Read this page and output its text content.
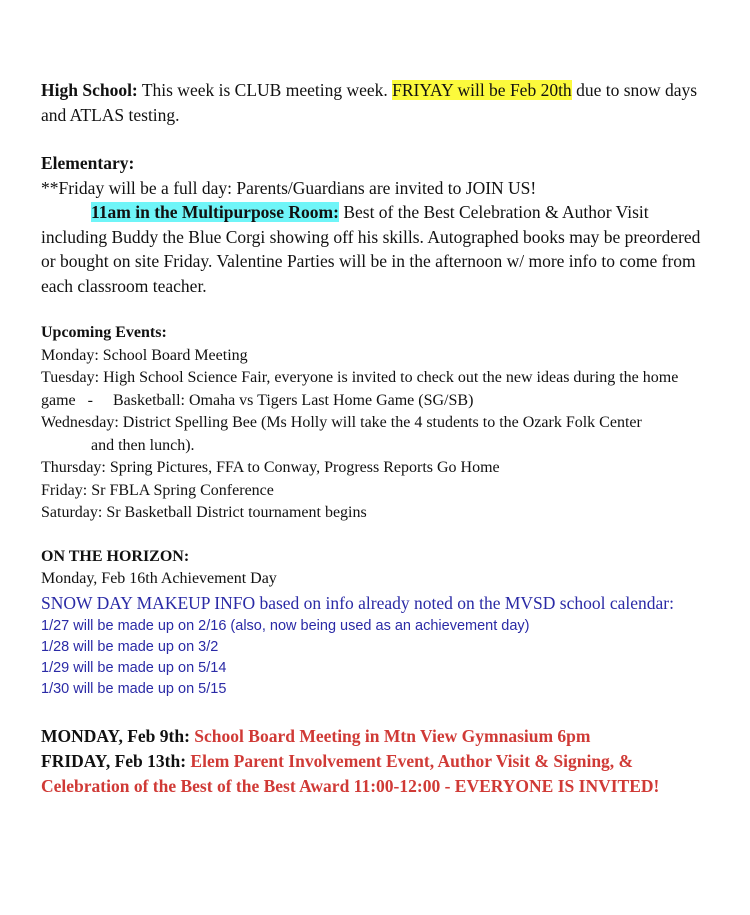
High School: This week is CLUB meeting week. FRIYAY will be Feb 20th due to snow days and ATLAS testing.

Elementary:

**Friday will be a full day: Parents/Guardians are invited to JOIN US!

11am in the Multipurpose Room: Best of the Best Celebration & Author Visit including Buddy the Blue Corgi showing off his skills. Autographed books may be preordered or bought on site Friday. Valentine Parties will be in the afternoon w/ more info to come from each classroom teacher.

Upcoming Events:

Monday: School Board Meeting

Tuesday: High School Science Fair, everyone is invited to check out the new ideas during the home game   -     Basketball: Omaha vs Tigers Last Home Game (SG/SB)

Wednesday: District Spelling Bee (Ms Holly will take the 4 students to the Ozark Folk Center

and then lunch).

Thursday: Spring Pictures, FFA to Conway, Progress Reports Go Home

Friday: Sr FBLA Spring Conference

Saturday: Sr Basketball District tournament begins

ON THE HORIZON:

Monday, Feb 16th Achievement Day

SNOW DAY MAKEUP INFO based on info already noted on the MVSD school calendar:

1/27 will be made up on 2/16 (also, now being used as an achievement day)

1/28 will be made up on 3/2

1/29 will be made up on 5/14

1/30 will be made up on 5/15

MONDAY, Feb 9th: School Board Meeting in Mtn View Gymnasium 6pm

FRIDAY, Feb 13th: Elem Parent Involvement Event, Author Visit & Signing, & Celebration of the Best of the Best Award 11:00-12:00 - EVERYONE IS INVITED!
